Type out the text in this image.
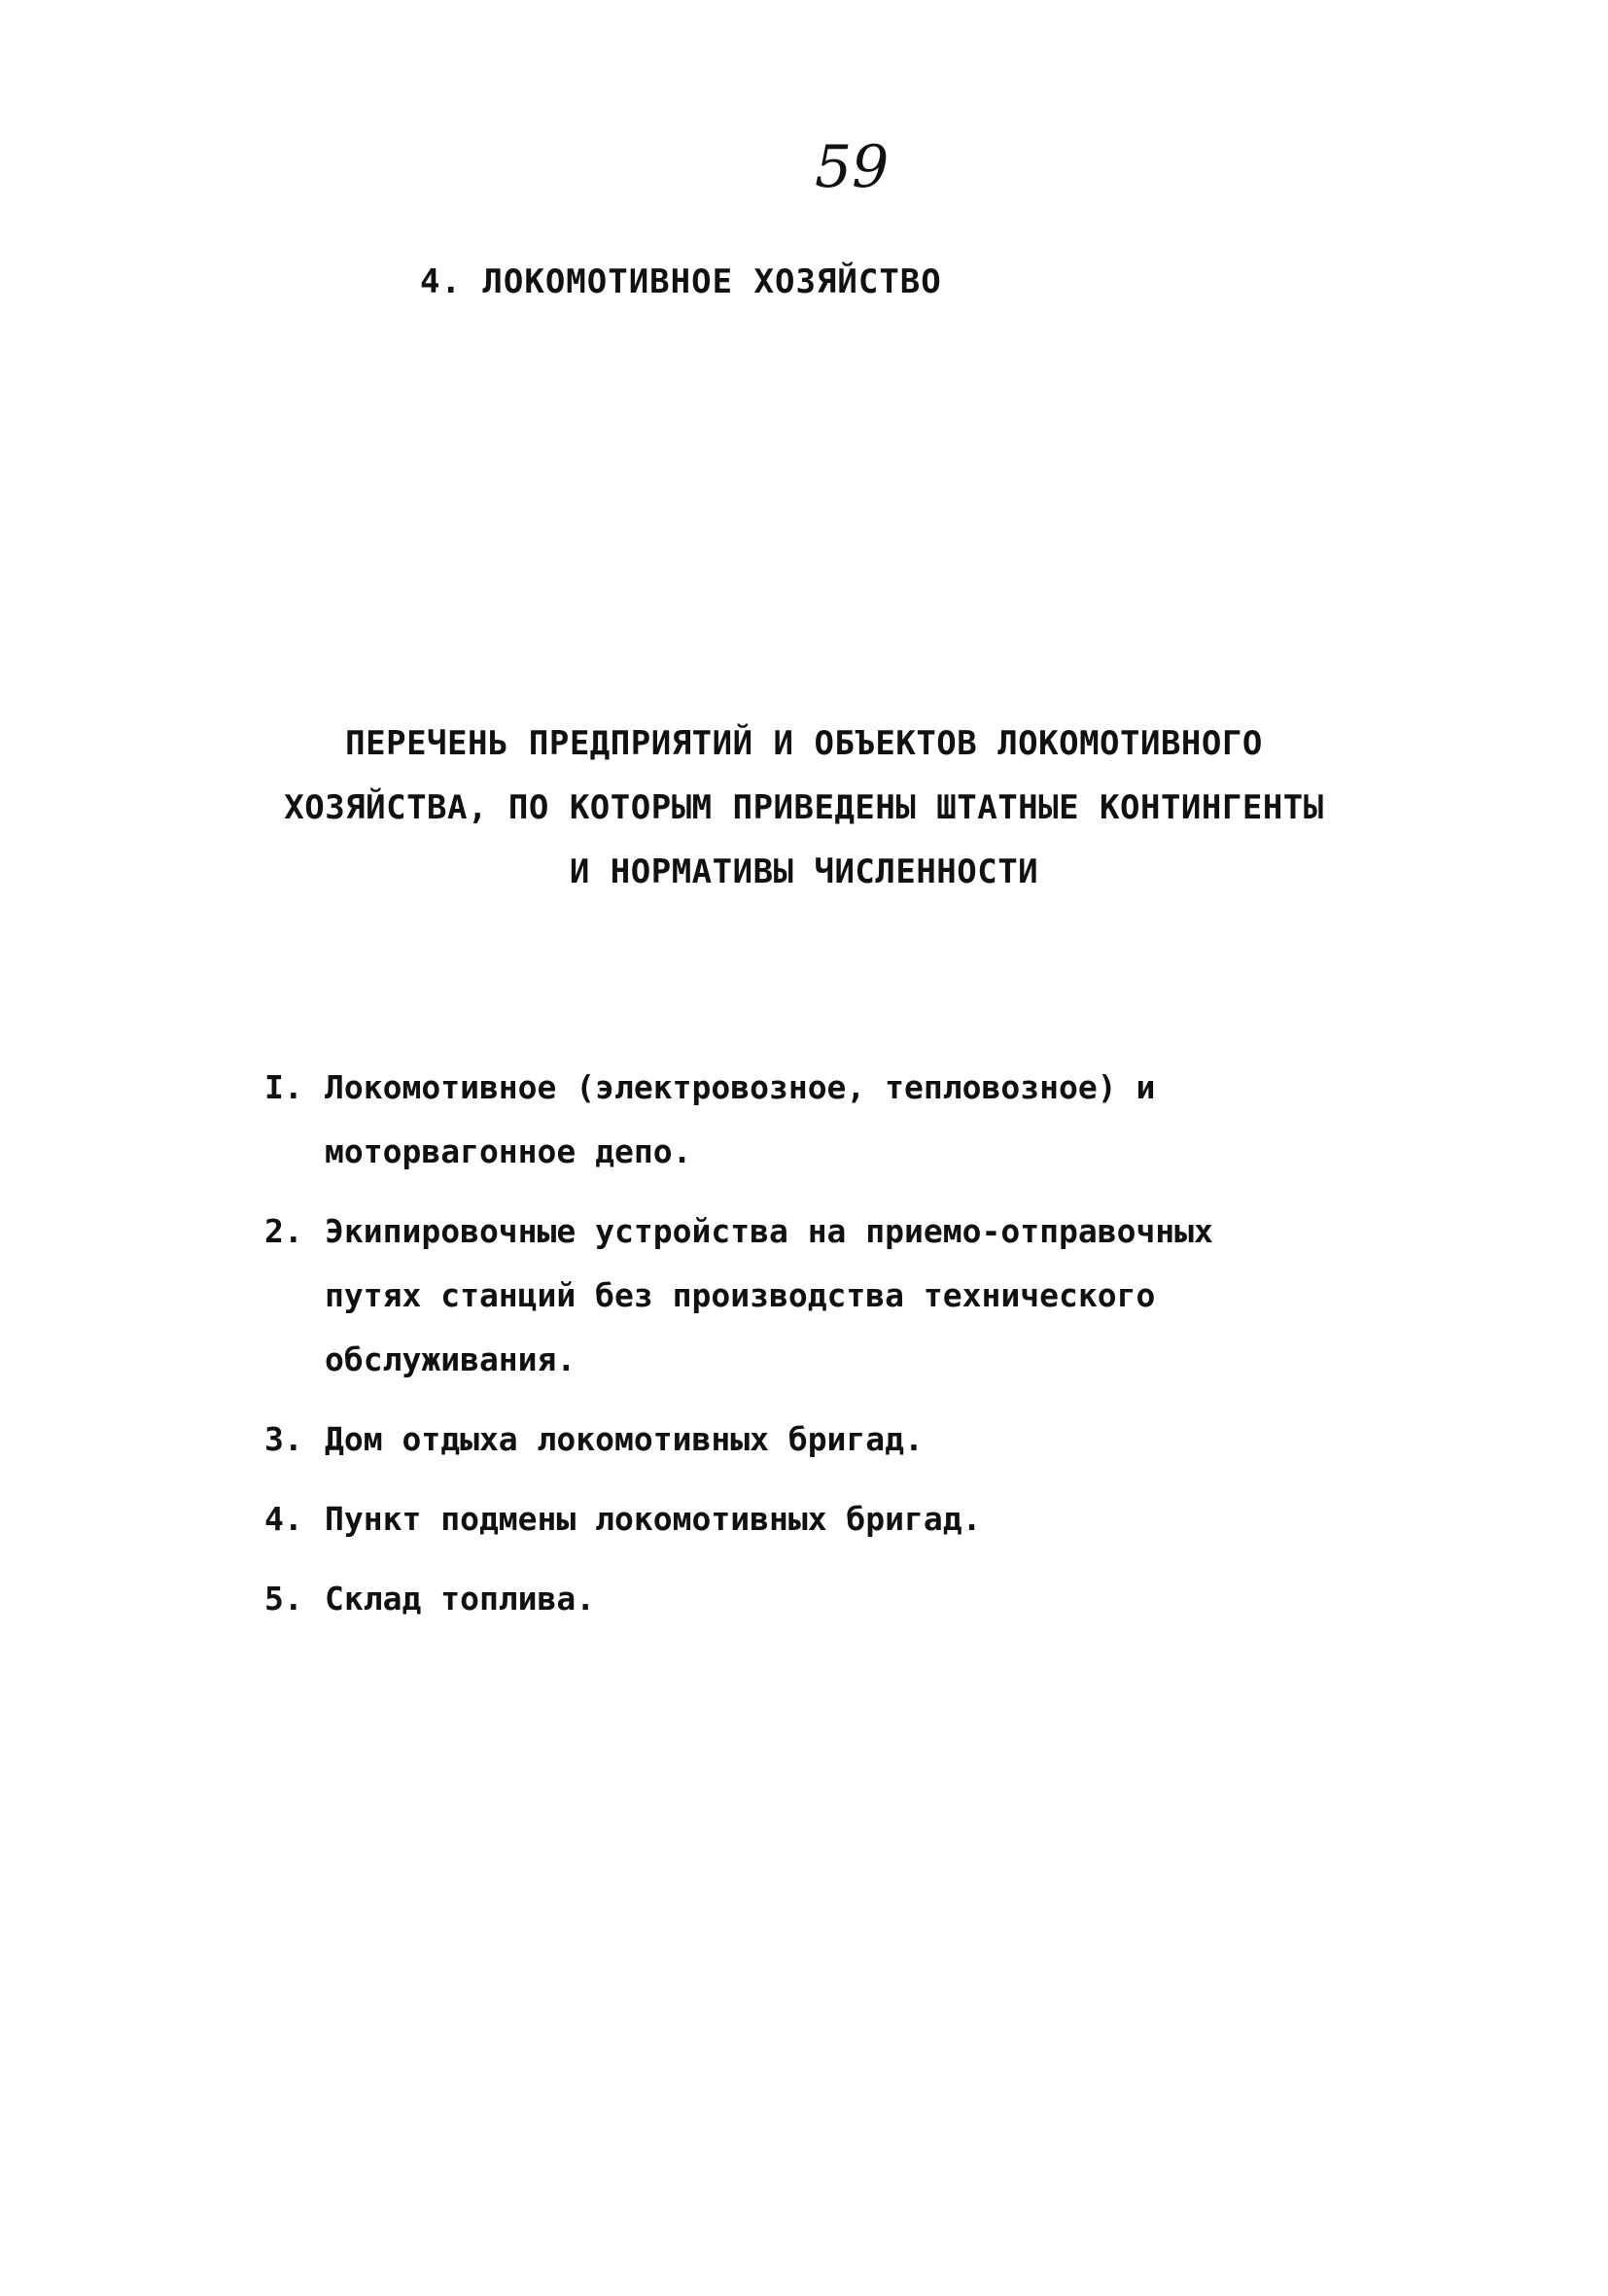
59
4. ЛОКОМОТИВНОЕ ХОЗЯЙСТВО
ПЕРЕЧЕНЬ ПРЕДПРИЯТИЙ И ОБЪЕКТОВ ЛОКОМОТИВНОГО
ХОЗЯЙСТВА, ПО КОТОРЫМ ПРИВЕДЕНЫ ШТАТНЫЕ КОНТИНГЕНТЫ
И НОРМАТИВЫ ЧИСЛЕННОСТИ
I. Локомотивное (электровозное, тепловозное) и
моторвагонное депо.
2. Экипировочные устройства на приемо-отправочных
путях станций без производства технического
обслуживания.
3. Дом отдыха локомотивных бригад.
4. Пункт подмены локомотивных бригад.
5. Склад топлива.
